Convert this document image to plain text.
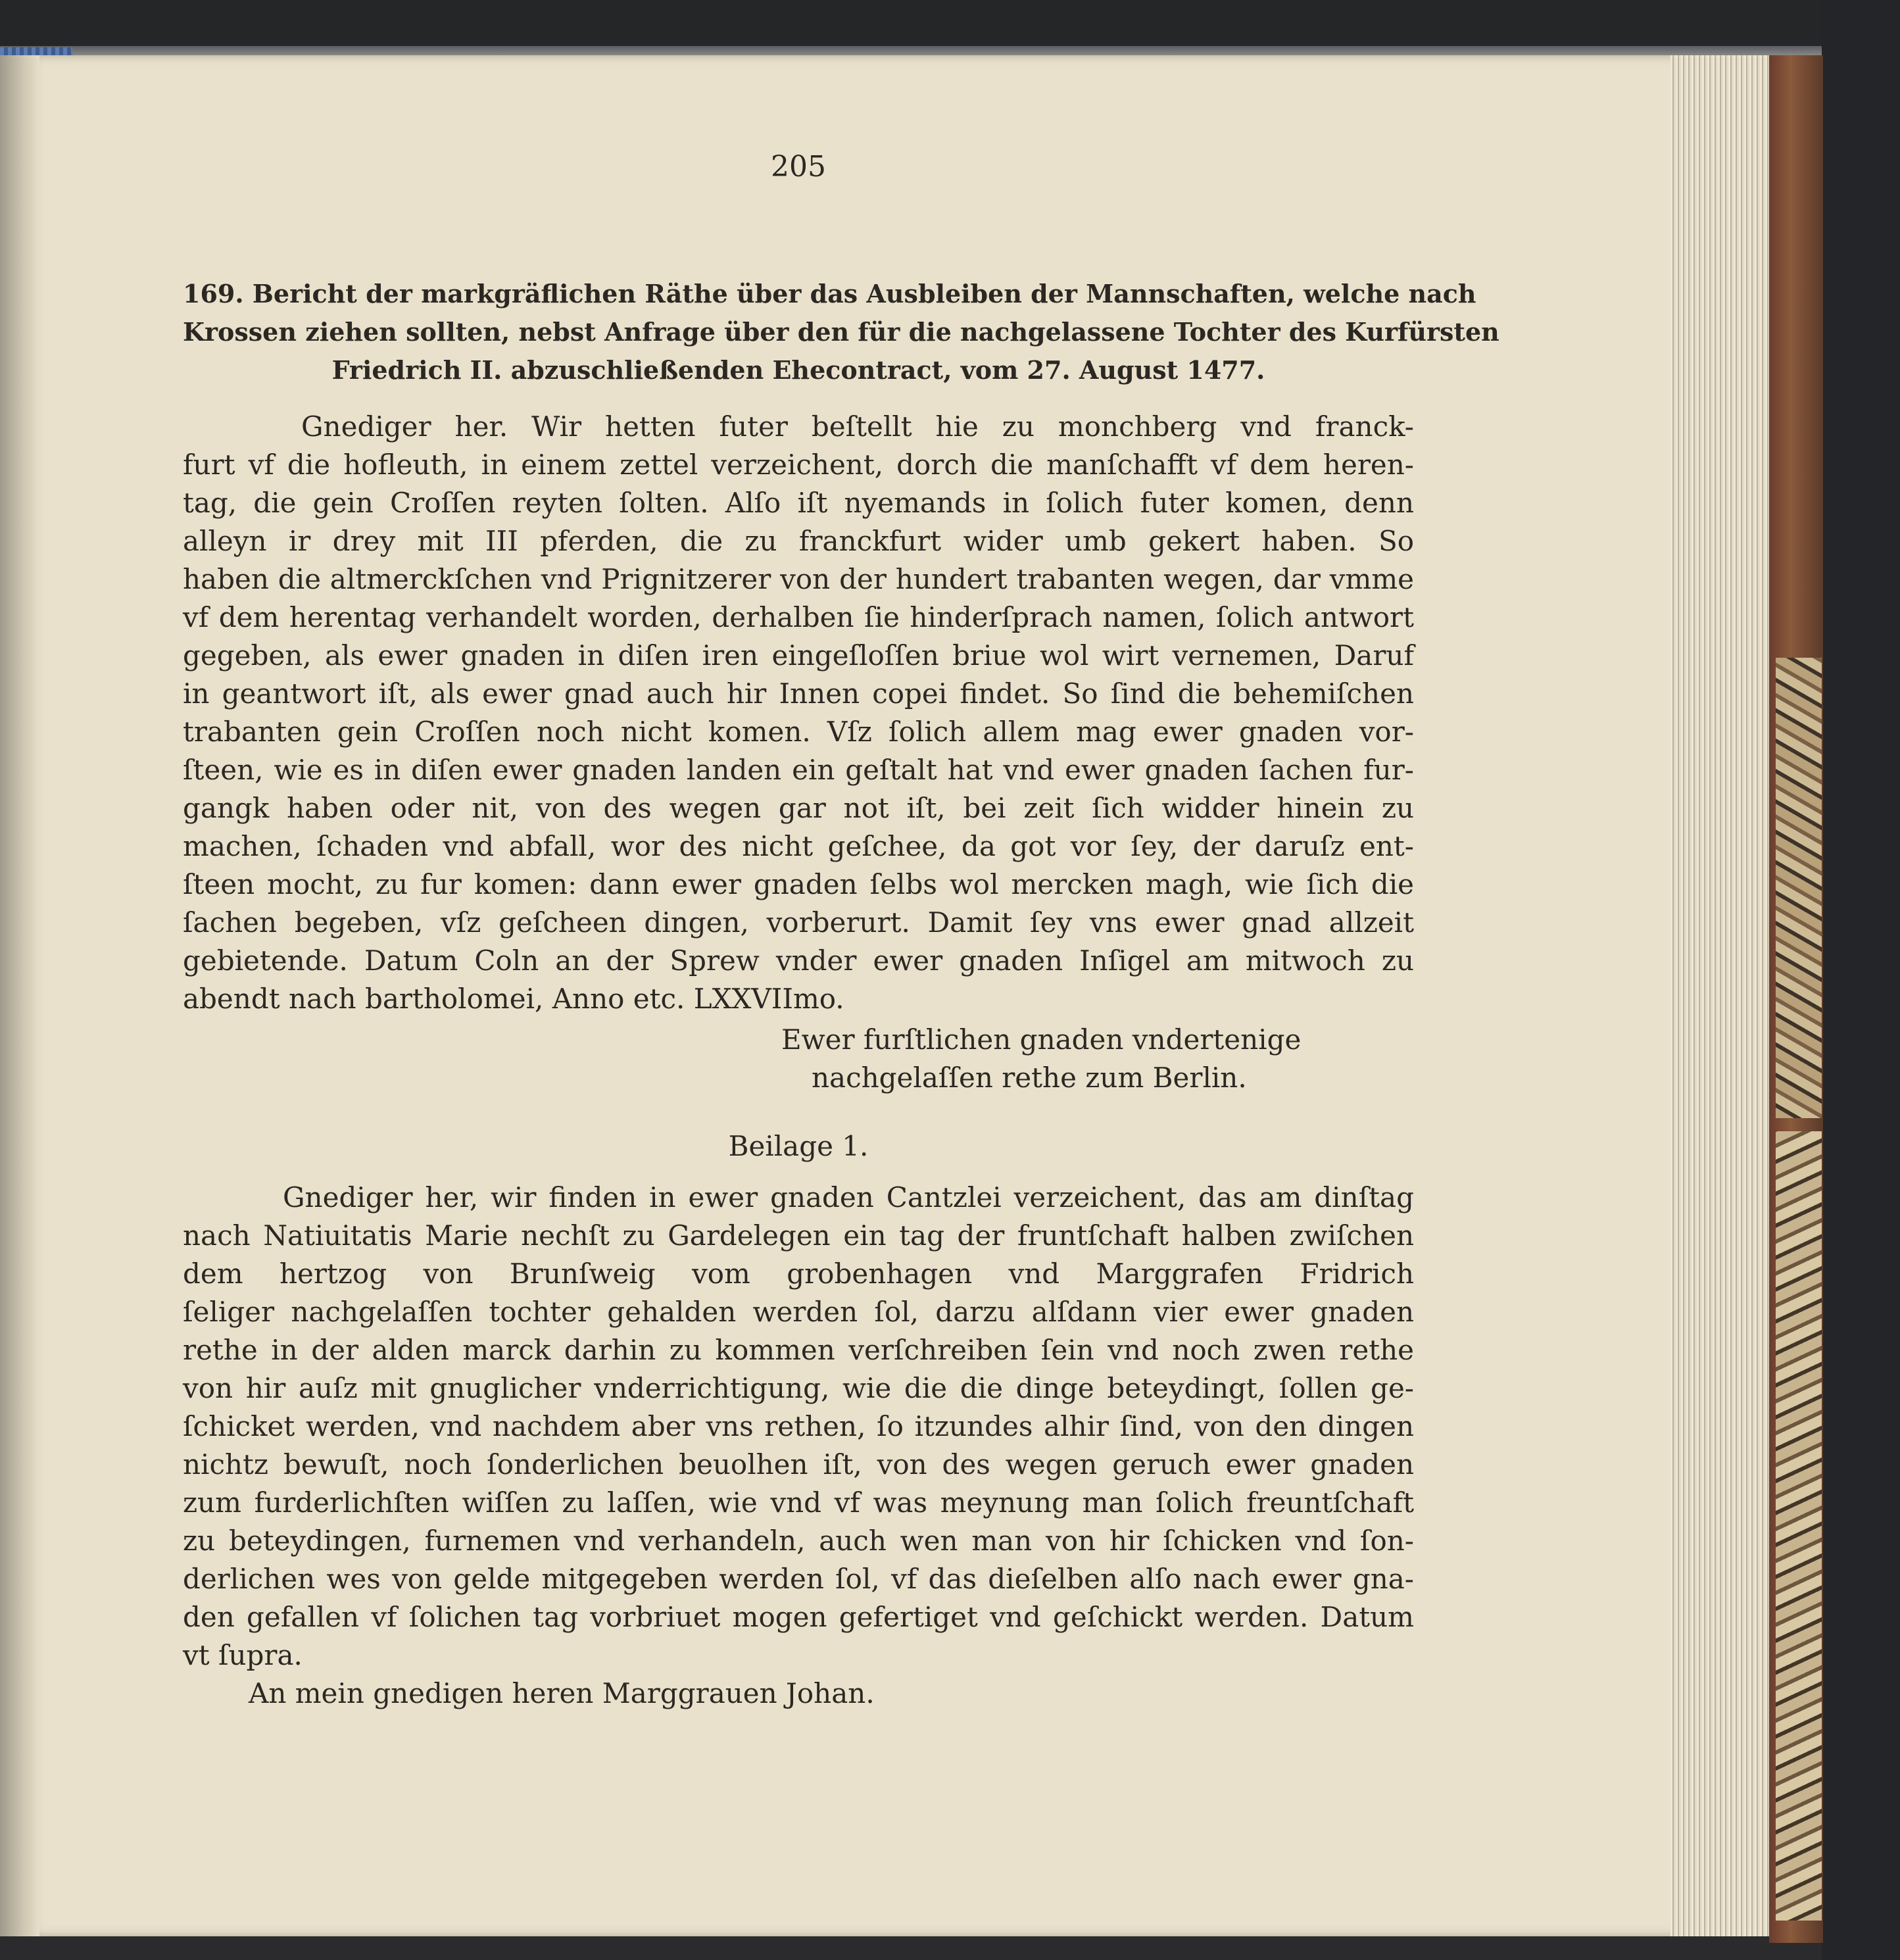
205
169. Bericht der markgräflichen Räthe über das Ausbleiben der Mannschaften, welche nach
Krossen ziehen sollten, nebst Anfrage über den für die nachgelassene Tochter des Kurfürsten
Friedrich II. abzuschließenden Ehecontract, vom 27. August 1477.
Gnediger her. Wir hetten futer beſtellt hie zu monchberg vnd franck-
furt vf die hofleuth, in einem zettel verzeichent, dorch die manſchafft vf dem heren-
tag, die gein Croſſen reyten ſolten. Alſo iſt nyemands in ſolich futer komen, denn
alleyn ir drey mit III pferden, die zu franckfurt wider umb gekert haben. So
haben die altmerckſchen vnd Prignitzerer von der hundert trabanten wegen, dar vmme
vf dem herentag verhandelt worden, derhalben ſie hinderſprach namen, ſolich antwort
gegeben, als ewer gnaden in diſen iren eingeſloſſen briue wol wirt vernemen, Daruf
in geantwort iſt, als ewer gnad auch hir Innen copei findet. So ſind die behemiſchen
trabanten gein Croſſen noch nicht komen. Vſz ſolich allem mag ewer gnaden vor-
ſteen, wie es in diſen ewer gnaden landen ein geſtalt hat vnd ewer gnaden ſachen fur-
gangk haben oder nit, von des wegen gar not iſt, bei zeit ſich widder hinein zu
machen, ſchaden vnd abfall, wor des nicht geſchee, da got vor ſey, der daruſz ent-
ſteen mocht, zu fur komen: dann ewer gnaden ſelbs wol mercken magh, wie ſich die
ſachen begeben, vſz geſcheen dingen, vorberurt. Damit ſey vns ewer gnad allzeit
gebietende. Datum Coln an der Sprew vnder ewer gnaden Inſigel am mitwoch zu
abendt nach bartholomei, Anno etc. LXXVIImo.
Ewer furſtlichen gnaden vndertenige
nachgelaſſen rethe zum Berlin.
Beilage 1.
Gnediger her, wir finden in ewer gnaden Cantzlei verzeichent, das am dinſtag
nach Natiuitatis Marie nechſt zu Gardelegen ein tag der fruntſchaft halben zwiſchen
dem hertzog von Brunſweig vom grobenhagen vnd Marggrafen Fridrich
ſeliger nachgelaſſen tochter gehalden werden ſol, darzu alſdann vier ewer gnaden
rethe in der alden marck darhin zu kommen verſchreiben ſein vnd noch zwen rethe
von hir auſz mit gnuglicher vnderrichtigung, wie die die dinge beteydingt, ſollen ge-
ſchicket werden, vnd nachdem aber vns rethen, ſo itzundes alhir ſind, von den dingen
nichtz bewuſt, noch ſonderlichen beuolhen iſt, von des wegen geruch ewer gnaden
zum furderlichſten wiſſen zu laſſen, wie vnd vf was meynung man ſolich freuntſchaft
zu beteydingen, furnemen vnd verhandeln, auch wen man von hir ſchicken vnd ſon-
derlichen wes von gelde mitgegeben werden ſol, vf das dieſelben alſo nach ewer gna-
den gefallen vf ſolichen tag vorbriuet mogen gefertiget vnd geſchickt werden. Datum
vt ſupra.
An mein gnedigen heren Marggrauen Johan.
